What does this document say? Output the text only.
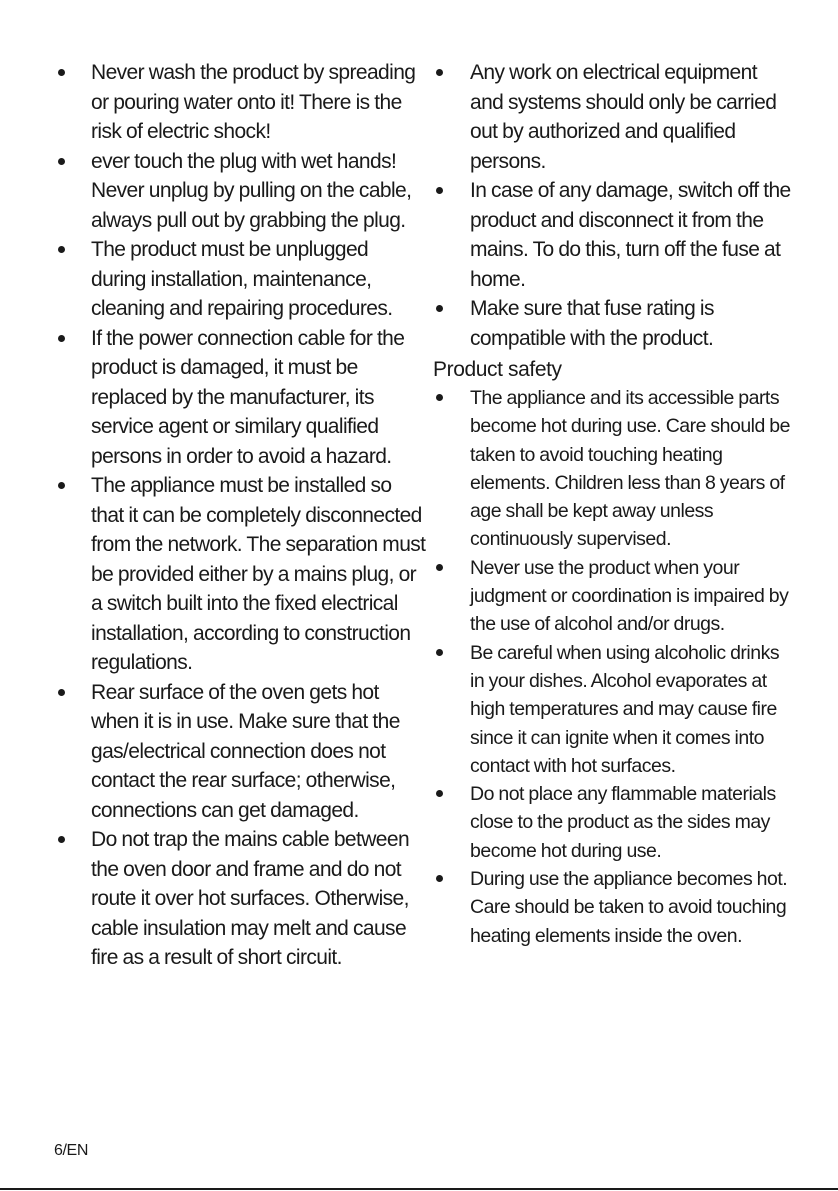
Never wash the product by spreading or pouring water onto it! There is the risk of electric shock!
ever touch the plug with wet hands! Never unplug by pulling on the cable, always pull out by grabbing the plug.
The product must be unplugged during installation, maintenance, cleaning and repairing procedures.
If the power connection cable for the product is damaged, it must be replaced by the manufacturer, its service agent or similary qualified persons in order to avoid a hazard.
The appliance must be installed so that it can be completely disconnected from the network. The separation must be provided either by a mains plug, or a switch built into the fixed electrical installation, according to construction regulations.
Rear surface of the oven gets hot when it is in use. Make sure that the gas/electrical connection does not contact the rear surface; otherwise, connections can get damaged.
Do not trap the mains cable between the oven door and frame and do not route it over hot surfaces. Otherwise, cable insulation may melt and cause fire as a result of short circuit.
Any work on electrical equipment and systems should only be carried out by authorized and qualified persons.
In case of any damage, switch off the product and disconnect it from the mains. To do this, turn off the fuse at home.
Make sure that fuse rating is compatible with the product.
Product safety
The appliance and its accessible parts become hot during use. Care should be taken to avoid touching heating elements. Children less than 8 years of age shall be kept away unless continuously supervised.
Never use the product when your judgment or coordination is impaired by the use of alcohol and/or drugs.
Be careful when using alcoholic drinks in your dishes. Alcohol evaporates at high temperatures and may cause fire since it can ignite when it comes into contact with hot surfaces.
Do not place any flammable materials close to the product as the sides may become hot during use.
During use the appliance becomes hot. Care should be taken to avoid touching heating elements inside the oven.
6/EN
